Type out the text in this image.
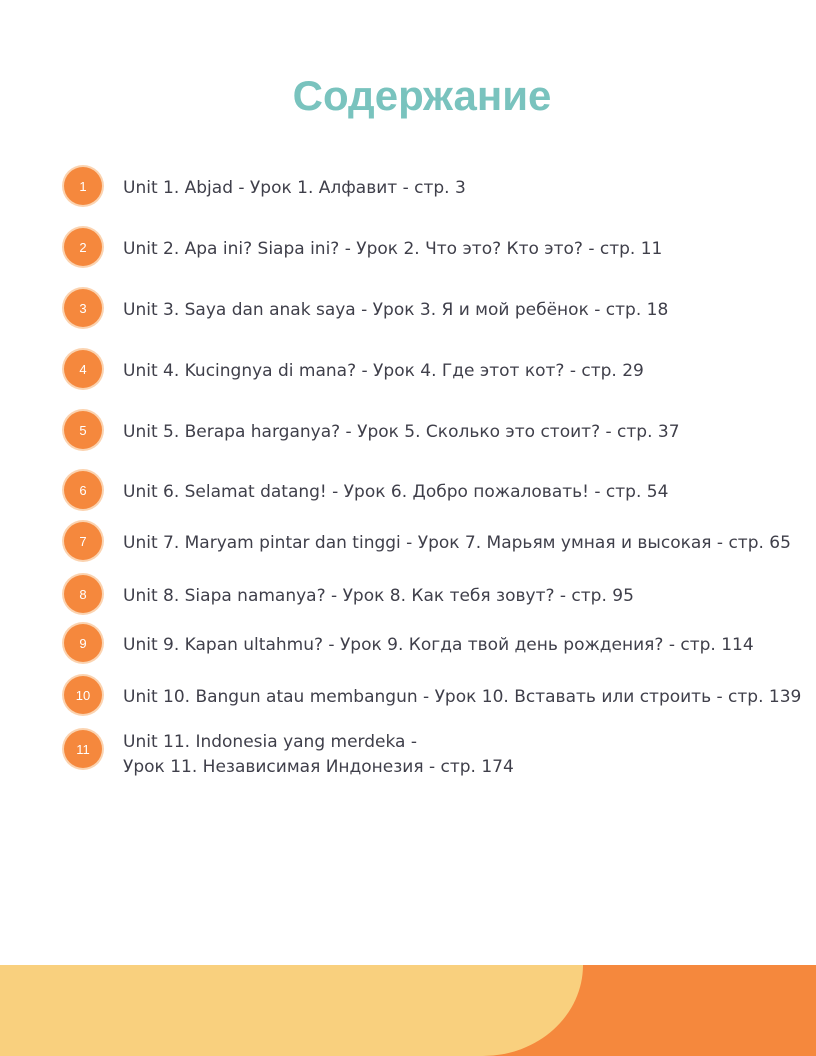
Содержание
1	Unit 1. Abjad - Урок 1. Алфавит - стр. 3
2	Unit 2. Apa ini? Siapa ini? - Урок 2. Что это? Кто это? - стр. 11
3	Unit 3. Saya dan anak saya - Урок 3. Я и мой ребёнок - стр. 18
4	Unit 4. Kucingnya di mana? - Урок 4. Где этот кот? - стр. 29
5	Unit 5. Berapa harganya? - Урок 5. Сколько это стоит? - стр. 37
6	Unit 6. Selamat datang! - Урок 6. Добро пожаловать! - стр. 54
7	Unit 7. Maryam pintar dan tinggi - Урок 7. Марьям умная и высокая - стр. 65
8	Unit 8. Siapa namanya? - Урок 8. Как тебя зовут? - стр. 95
9	Unit 9. Kapan ultahmu? - Урок 9. Когда твой день рождения? - стр. 114
10	Unit 10. Bangun atau membangun - Урок 10. Вставать или строить - стр. 139
11	Unit 11. Indonesia yang merdeka -
Урок 11. Независимая Индонезия - стр. 174
